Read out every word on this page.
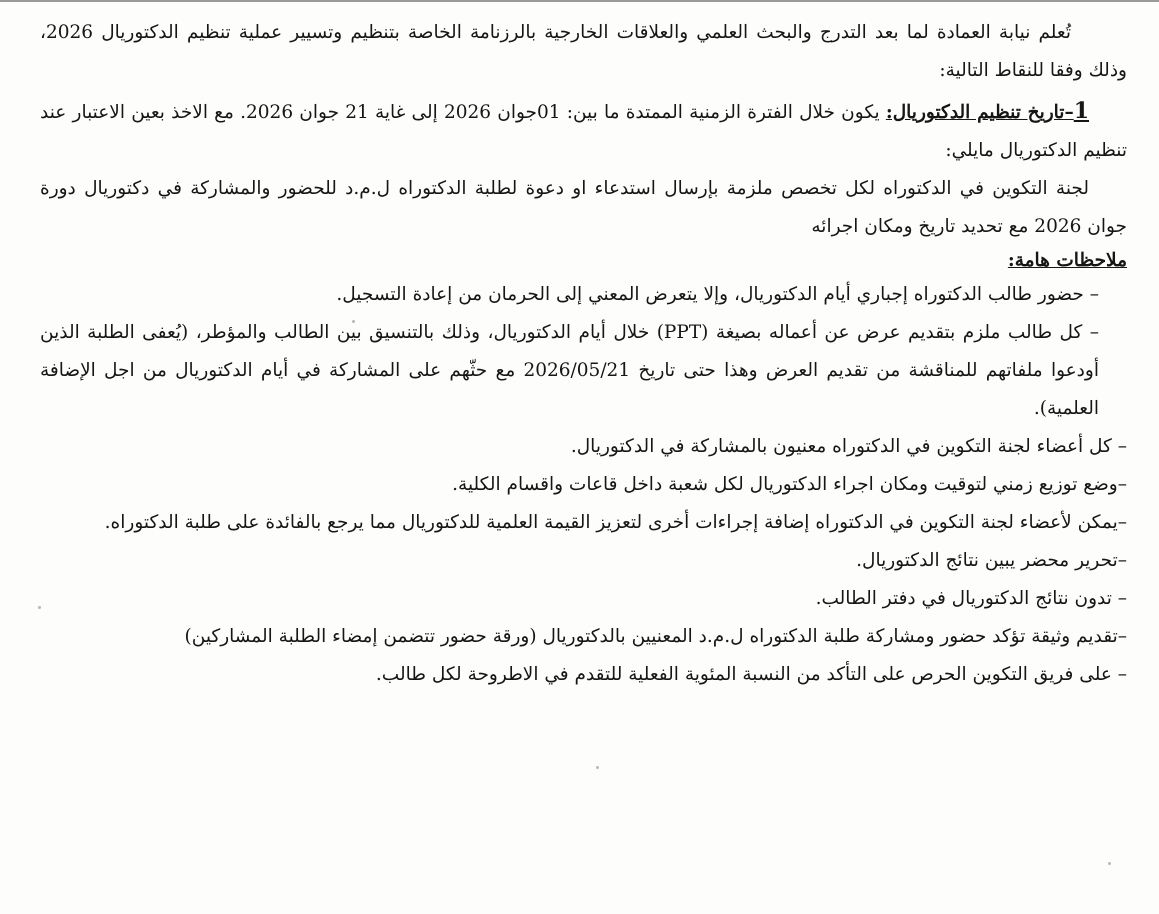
تُعلم نيابة العمادة لما بعد التدرج والبحث العلمي والعلاقات الخارجية بالرزنامة الخاصة بتنظيم وتسيير عملية تنظيم الدكتوريال 2026، وذلك وفقا للنقاط التالية:

1–تاريخ تنظيم الدكتوريال: يكون خلال الفترة الزمنية الممتدة ما بين: 01جوان 2026 إلى غاية 21 جوان 2026. مع الاخذ بعين الاعتبار عند تنظيم الدكتوريال مايلي:

لجنة التكوين في الدكتوراه لكل تخصص ملزمة بإرسال استدعاء او دعوة لطلبة الدكتوراه ل.م.د للحضور والمشاركة في دكتوريال دورة جوان 2026 مع تحديد تاريخ ومكان اجرائه

ملاحظات هامة:

– حضور طالب الدكتوراه إجباري أيام الدكتوريال، وإلا يتعرض المعني إلى الحرمان من إعادة التسجيل.

– كل طالب ملزم بتقديم عرض عن أعماله بصيغة (PPT) خلال أيام الدكتوريال، وذلك بالتنسيق بين الطالب والمؤطر، (يُعفى الطلبة الذين أودعوا ملفاتهم للمناقشة من تقديم العرض وهذا حتى تاريخ 2026/05/21 مع حثّهم على المشاركة في أيام الدكتوريال من اجل الإضافة العلمية).

– كل أعضاء لجنة التكوين في الدكتوراه معنيون بالمشاركة في الدكتوريال.

–وضع توزيع زمني لتوقيت ومكان اجراء الدكتوريال لكل شعبة داخل قاعات واقسام الكلية.

–يمكن لأعضاء لجنة التكوين في الدكتوراه إضافة إجراءات أخرى لتعزيز القيمة العلمية للدكتوريال مما يرجع بالفائدة على طلبة الدكتوراه.

–تحرير محضر يبين نتائج الدكتوريال.

– تدون نتائج الدكتوريال في دفتر الطالب.

–تقديم وثيقة تؤكد حضور ومشاركة طلبة الدكتوراه ل.م.د المعنيين بالدكتوريال (ورقة حضور تتضمن إمضاء الطلبة المشاركين)

– على فريق التكوين الحرص على التأكد من النسبة المئوية الفعلية للتقدم في الاطروحة لكل طالب.
